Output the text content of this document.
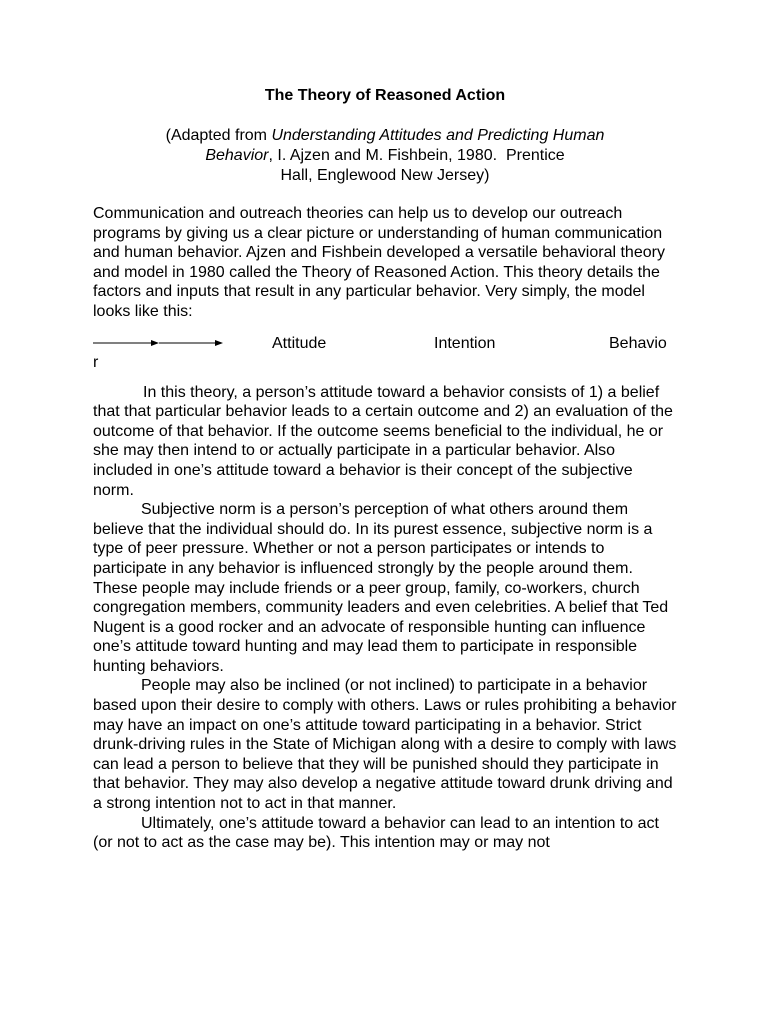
The Theory of Reasoned Action
(Adapted from Understanding Attitudes and Predicting Human
Behavior, I. Ajzen and M. Fishbein, 1980.  Prentice
Hall, Englewood New Jersey)

Communication and outreach theories can help us to develop our outreach programs by giving us a clear picture or understanding of human communication and human behavior. Ajzen and Fishbein developed a versatile behavioral theory and model in 1980 called the Theory of Reasoned Action. This theory details the factors and inputs that result in any particular behavior. Very simply, the model looks like this:

Attitude	Intention	Behavio
r

In this theory, a person’s attitude toward a behavior consists of 1) a belief that that particular behavior leads to a certain outcome and 2) an evaluation of the outcome of that behavior. If the outcome seems beneficial to the individual, he or she may then intend to or actually participate in a particular behavior. Also included in one’s attitude toward a behavior is their concept of the subjective norm.

Subjective norm is a person’s perception of what others around them believe that the individual should do. In its purest essence, subjective norm is a type of peer pressure. Whether or not a person participates or intends to participate in any behavior is influenced strongly by the people around them. These people may include friends or a peer group, family, co-workers, church congregation members, community leaders and even celebrities. A belief that Ted Nugent is a good rocker and an advocate of responsible hunting can influence one’s attitude toward hunting and may lead them to participate in responsible hunting behaviors.

People may also be inclined (or not inclined) to participate in a behavior based upon their desire to comply with others. Laws or rules prohibiting a behavior may have an impact on one’s attitude toward participating in a behavior. Strict drunk-driving rules in the State of Michigan along with a desire to comply with laws can lead a person to believe that they will be punished should they participate in that behavior. They may also develop a negative attitude toward drunk driving and a strong intention not to act in that manner.

Ultimately, one’s attitude toward a behavior can lead to an intention to act (or not to act as the case may be). This intention may or may not
